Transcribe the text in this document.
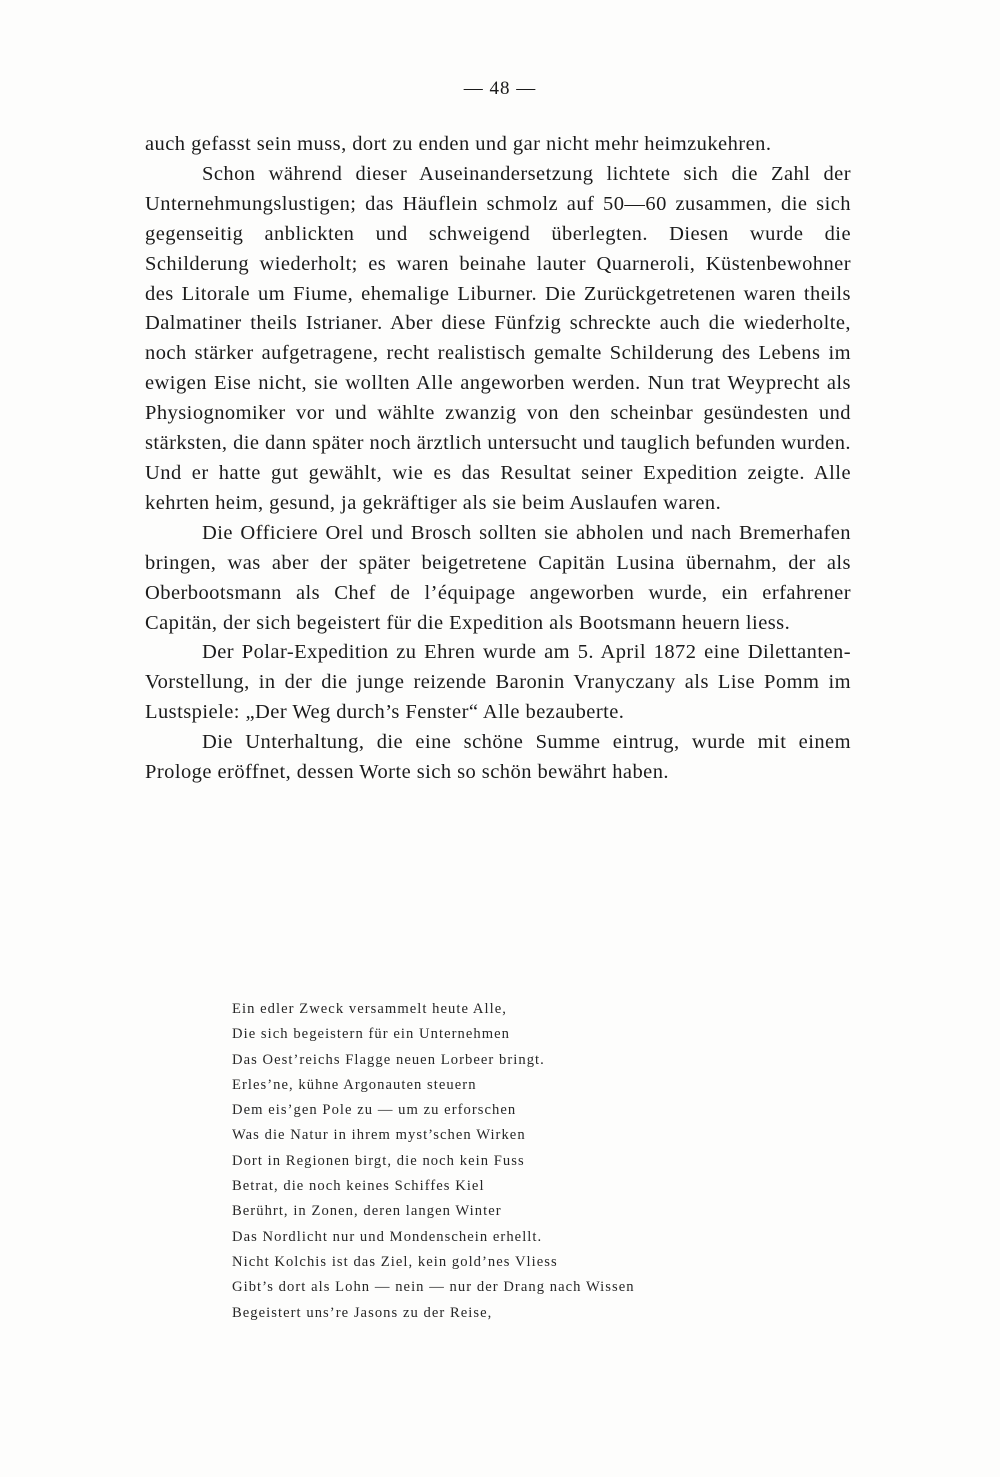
— 48 —

auch gefasst sein muss, dort zu enden und gar nicht mehr heimzukehren.

Schon während dieser Auseinandersetzung lichtete sich die Zahl der Unternehmungslustigen; das Häuflein schmolz auf 50—60 zusammen, die sich gegenseitig anblickten und schweigend überlegten. Diesen wurde die Schilderung wiederholt; es waren beinahe lauter Quarneroli, Küstenbewohner des Litorale um Fiume, ehemalige Liburner. Die Zurückgetretenen waren theils Dalmatiner theils Istrianer. Aber diese Fünfzig schreckte auch die wiederholte, noch stärker aufgetragene, recht realistisch gemalte Schilderung des Lebens im ewigen Eise nicht, sie wollten Alle angeworben werden. Nun trat Weyprecht als Physiognomiker vor und wählte zwanzig von den scheinbar gesündesten und stärksten, die dann später noch ärztlich untersucht und tauglich befunden wurden. Und er hatte gut gewählt, wie es das Resultat seiner Expedition zeigte. Alle kehrten heim, gesund, ja gekräftiger als sie beim Auslaufen waren.

Die Officiere Orel und Brosch sollten sie abholen und nach Bremerhafen bringen, was aber der später beigetretene Capitän Lusina übernahm, der als Oberbootsmann als Chef de l’équipage angeworben wurde, ein erfahrener Capitän, der sich begeistert für die Expedition als Bootsmann heuern liess.

Der Polar-Expedition zu Ehren wurde am 5. April 1872 eine Dilettanten-Vorstellung, in der die junge reizende Baronin Vranyczany als Lise Pomm im Lustspiele: „Der Weg durch’s Fenster“ Alle bezauberte.

Die Unterhaltung, die eine schöne Summe eintrug, wurde mit einem Prologe eröffnet, dessen Worte sich so schön bewährt haben.

Ein edler Zweck versammelt heute Alle,
Die sich begeistern für ein Unternehmen
Das Oest’reichs Flagge neuen Lorbeer bringt.
Erles’ne, kühne Argonauten steuern
Dem eis’gen Pole zu — um zu erforschen
Was die Natur in ihrem myst’schen Wirken
Dort in Regionen birgt, die noch kein Fuss
Betrat, die noch keines Schiffes Kiel
Berührt, in Zonen, deren langen Winter
Das Nordlicht nur und Mondenschein erhellt.
Nicht Kolchis ist das Ziel, kein gold’nes Vliess
Gibt’s dort als Lohn — nein — nur der Drang nach Wissen
Begeistert uns’re Jasons zu der Reise,
